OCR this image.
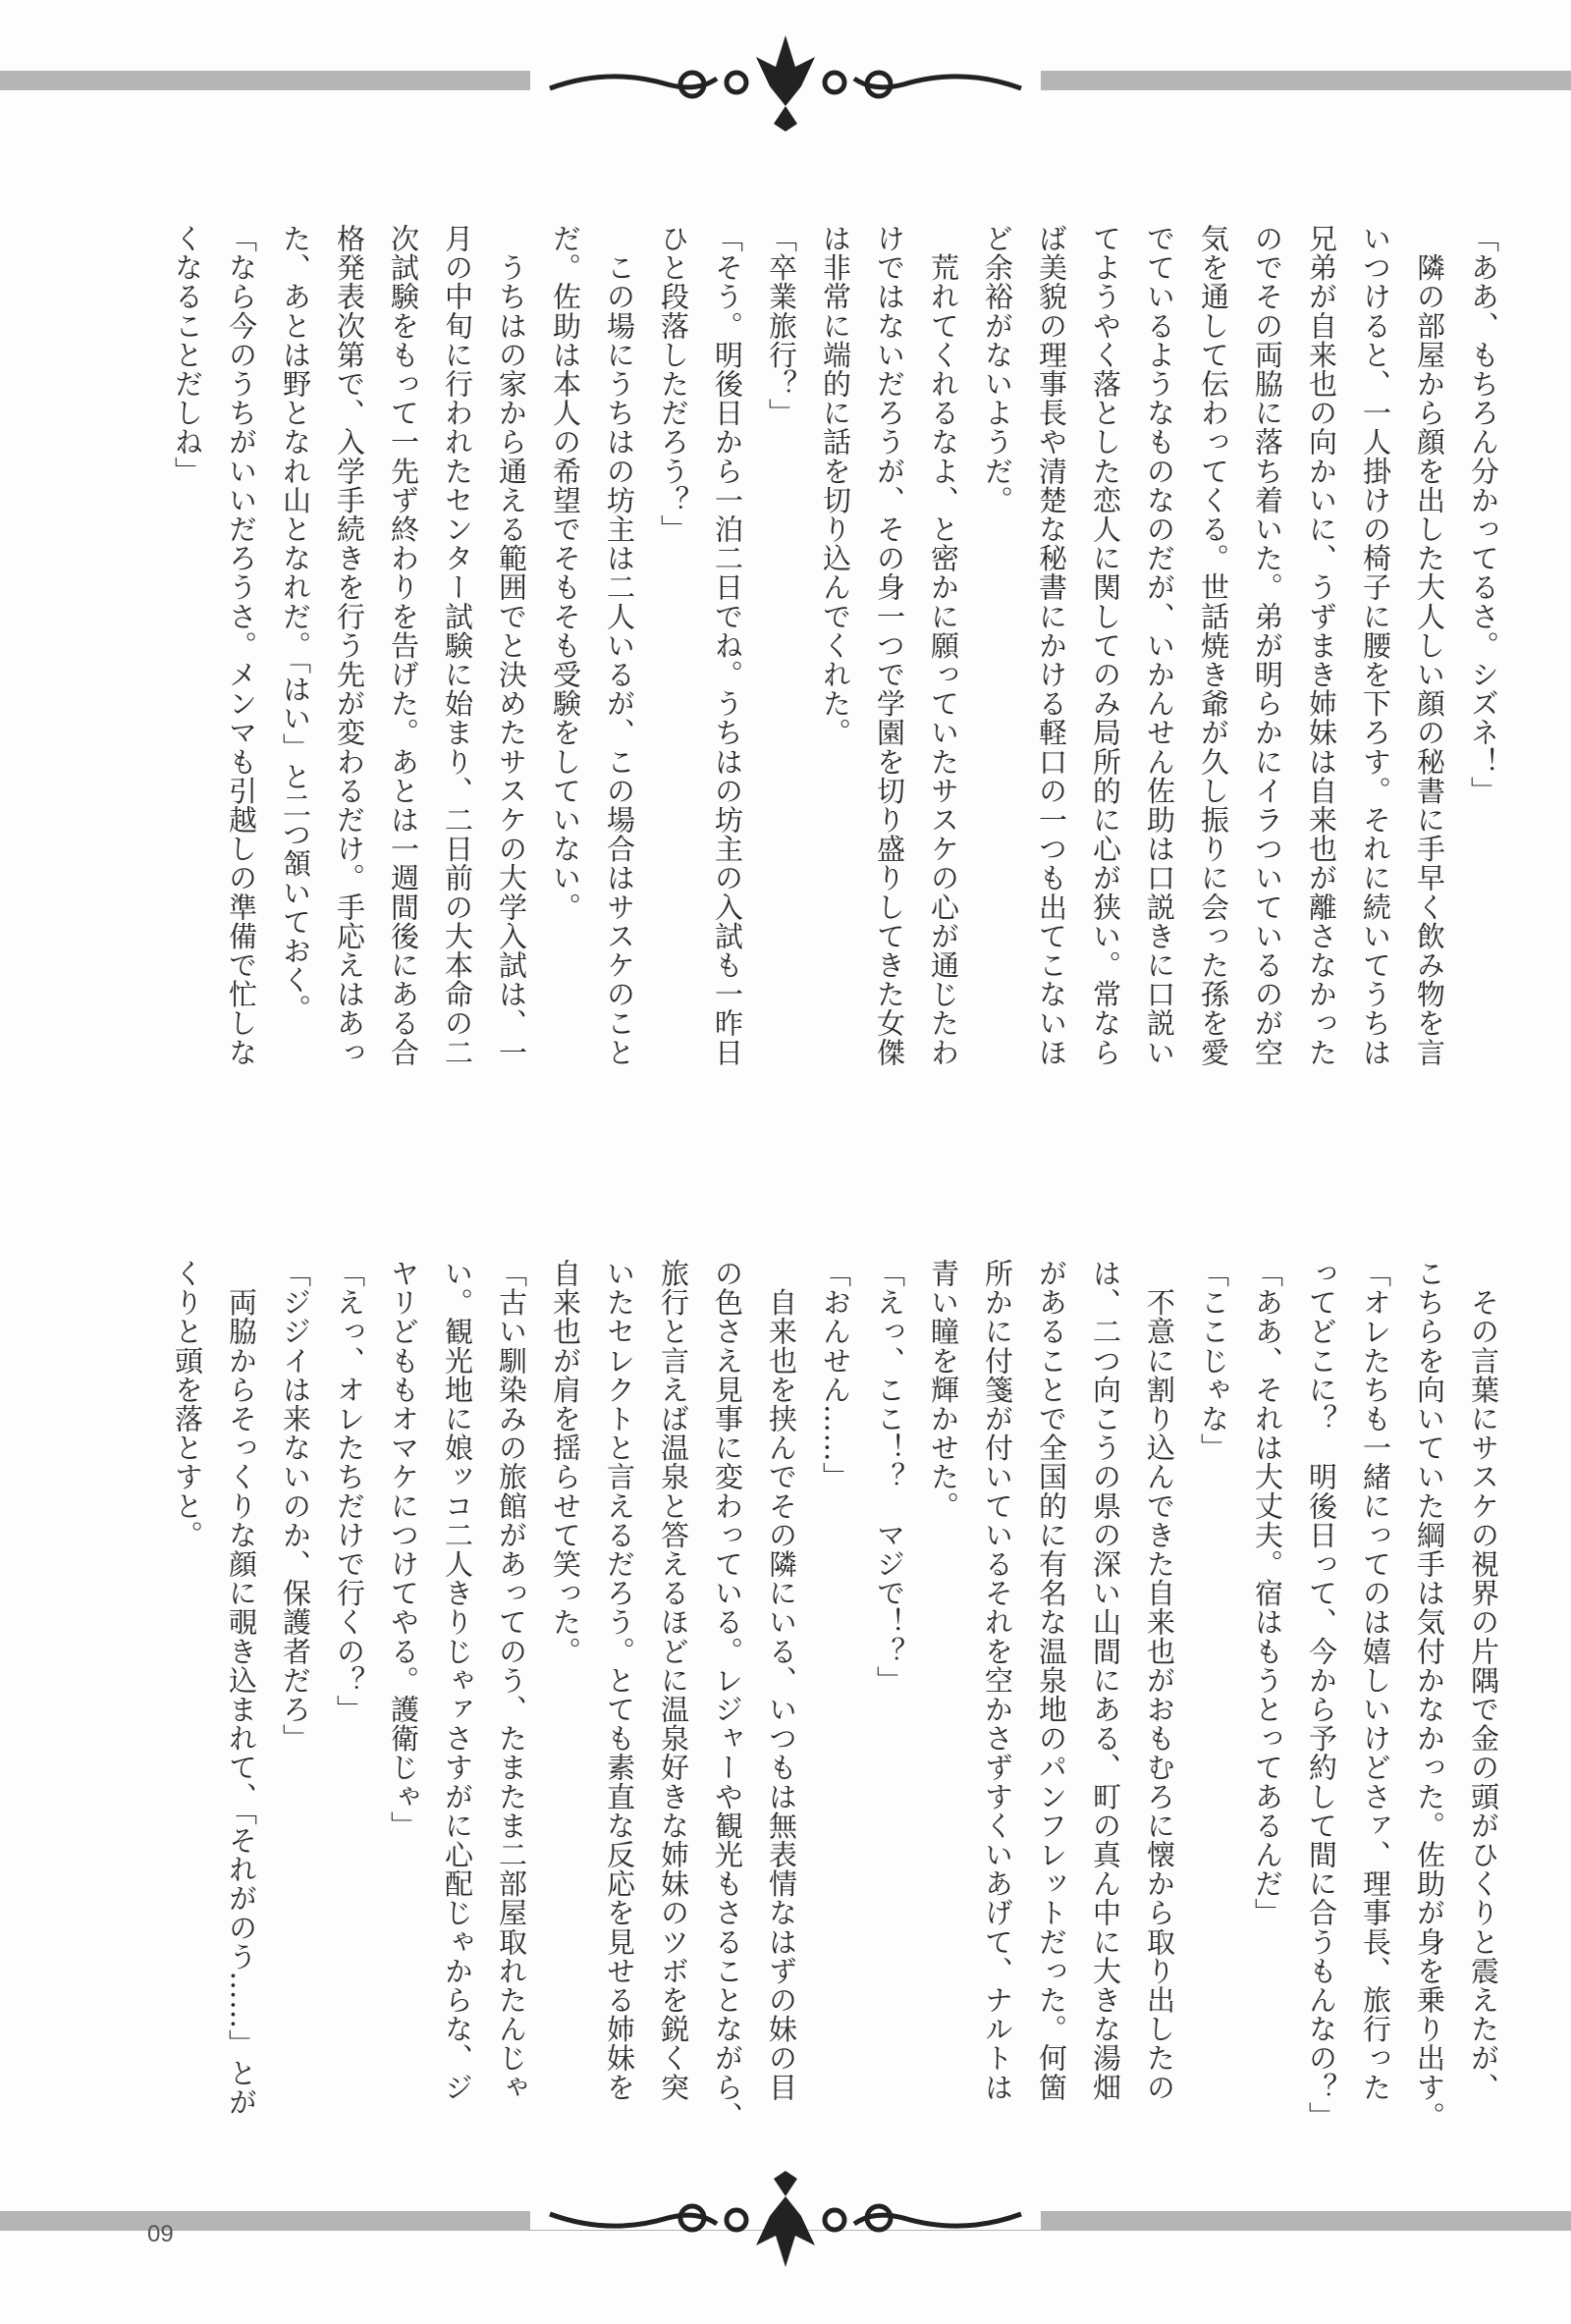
「ああ、もちろん分かってるさ。シズネ！」
　隣の部屋から顔を出した大人しい顔の秘書に手早く飲み物を言
いつけると、一人掛けの椅子に腰を下ろす。それに続いてうちは
兄弟が自来也の向かいに、うずまき姉妹は自来也が離さなかった
のでその両脇に落ち着いた。弟が明らかにイラついているのが空
気を通して伝わってくる。世話焼き爺が久し振りに会った孫を愛
でているようなものなのだが、いかんせん佐助は口説きに口説い
てようやく落とした恋人に関してのみ局所的に心が狭い。常なら
ば美貌の理事長や清楚な秘書にかける軽口の一つも出てこないほ
ど余裕がないようだ。
　荒れてくれるなよ、と密かに願っていたサスケの心が通じたわ
けではないだろうが、その身一つで学園を切り盛りしてきた女傑
は非常に端的に話を切り込んでくれた。
「卒業旅行？」
「そう。明後日から一泊二日でね。うちはの坊主の入試も一昨日
ひと段落しただろう？」
　この場にうちはの坊主は二人いるが、この場合はサスケのこと
だ。佐助は本人の希望でそもそも受験をしていない。
　うちはの家から通える範囲でと決めたサスケの大学入試は、一
月の中旬に行われたセンター試験に始まり、二日前の大本命の二
次試験をもって一先ず終わりを告げた。あとは一週間後にある合
格発表次第で、入学手続きを行う先が変わるだけ。手応えはあっ
た、あとは野となれ山となれだ。「はい」と二つ頷いておく。
「なら今のうちがいいだろうさ。メンマも引越しの準備で忙しな
くなることだしね」
　その言葉にサスケの視界の片隅で金の頭がひくりと震えたが、
こちらを向いていた綱手は気付かなかった。佐助が身を乗り出す。
「オレたちも一緒にってのは嬉しいけどさァ、理事長、旅行った
ってどこに？　明後日って、今から予約して間に合うもんなの？」
「ああ、それは大丈夫。宿はもうとってあるんだ」
「ここじゃな」
　不意に割り込んできた自来也がおもむろに懐から取り出したの
は、二つ向こうの県の深い山間にある、町の真ん中に大きな湯畑
があることで全国的に有名な温泉地のパンフレットだった。何箇
所かに付箋が付いているそれを空かさずすくいあげて、ナルトは
青い瞳を輝かせた。
「えっ、ここ！？　マジで！？」
「おんせん……」
　自来也を挟んでその隣にいる、いつもは無表情なはずの妹の目
の色さえ見事に変わっている。レジャーや観光もさることながら、
旅行と言えば温泉と答えるほどに温泉好きな姉妹のツボを鋭く突
いたセレクトと言えるだろう。とても素直な反応を見せる姉妹を
自来也が肩を揺らせて笑った。
「古い馴染みの旅館があってのう、たまたま二部屋取れたんじゃ
い。観光地に娘ッコ二人きりじゃァさすがに心配じゃからな、ジ
ヤリどももオマケにつけてやる。護衛じゃ」
「えっ、オレたちだけで行くの？」
「ジジイは来ないのか、保護者だろ」
　両脇からそっくりな顔に覗き込まれて、「それがのう……」とが
くりと頭を落とすと。
09
